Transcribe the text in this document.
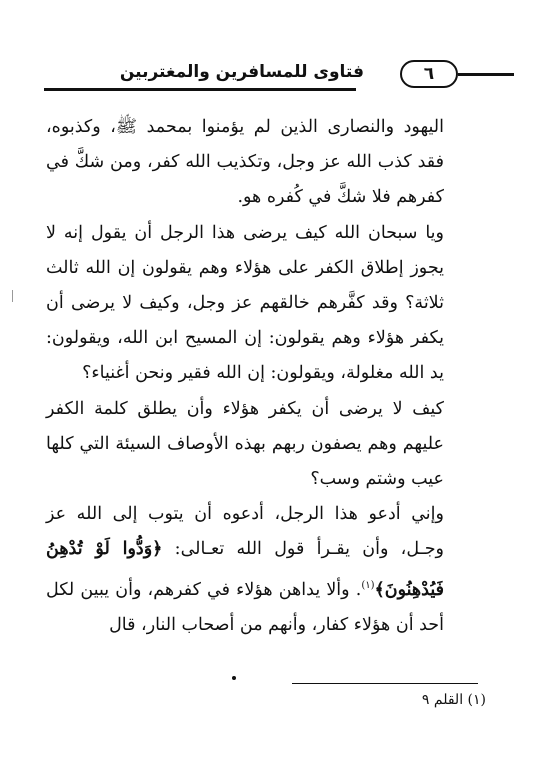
٦
فتاوى للمسافرين والمغتربين

اليهود والنصارى الذين لم يؤمنوا بمحمد ﷺ، وكذبوه، فقد كذب الله عز وجل، وتكذيب الله كفر، ومن شكَّ في كفرهم فلا شكَّ في كُفره هو.

ويا سبحان الله كيف يرضى هذا الرجل أن يقول إنه لا يجوز إطلاق الكفر على هؤلاء وهم يقولون إن الله ثالث ثلاثة؟ وقد كفَّرهم خالقهم عز وجل، وكيف لا يرضى أن يكفر هؤلاء وهم يقولون: إن المسيح ابن الله، ويقولون: يد الله مغلولة، ويقولون: إن الله فقير ونحن أغنياء؟

كيف لا يرضى أن يكفر هؤلاء وأن يطلق كلمة الكفر عليهم وهم يصفون ربهم بهذه الأوصاف السيئة التي كلها عيب وشتم وسب؟

وإني أدعو هذا الرجل، أدعوه أن يتوب إلى الله عز وجـل، وأن يقـرأ قول الله تعـالى: ﴿وَدُّوا لَوْ تُدْهِنُ فَيُدْهِنُونَ﴾$^{(١)}$. وألا يداهن هؤلاء في كفرهم، وأن يبين لكل أحد أن هؤلاء كفار، وأنهم من أصحاب النار، قال

(١) القلم ٩
